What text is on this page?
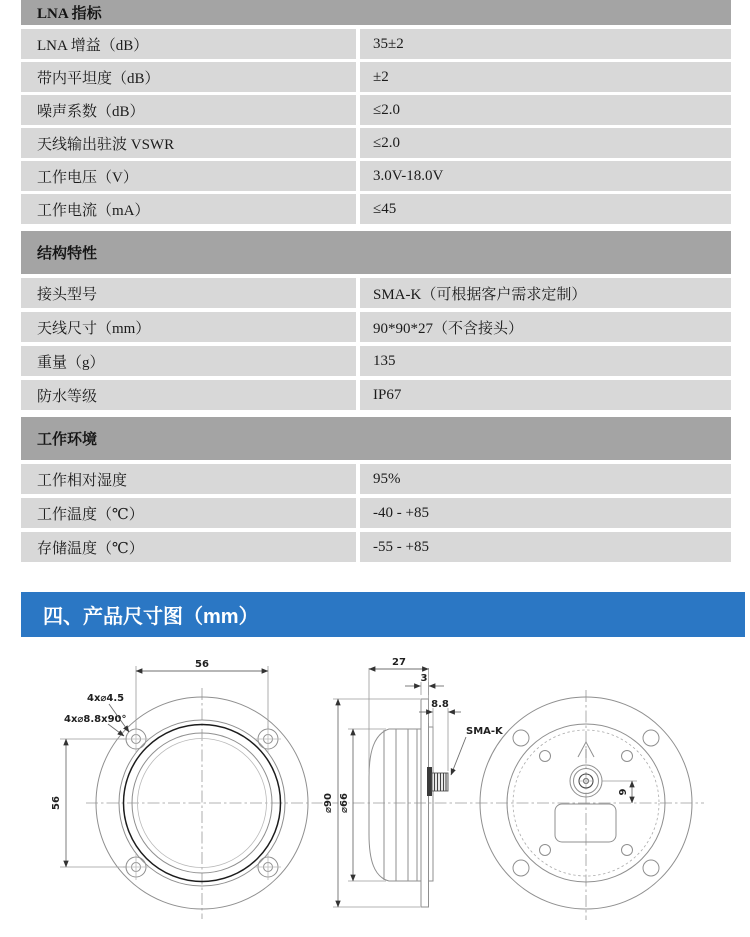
LNA 指标
LNA 增益（dB）	35±2
带内平坦度（dB）	±2
噪声系数（dB）	≤2.0
天线输出驻波 VSWR	≤2.0
工作电压（V）	3.0V-18.0V
工作电流（mA）	≤45
结构特性
接头型号	SMA-K（可根据客户需求定制）
天线尺寸（mm）	90*90*27（不含接头）
重量（g）	135
防水等级	IP67
工作环境
工作相对湿度	95%
工作温度（℃）	-40 - +85
存储温度（℃）	-55 - +85
四、产品尺寸图（mm）
56
56
4x⌀4.5
4x⌀8.8x90°
⌀90 ⌀66
27
3
8.8
SMA-K
9
